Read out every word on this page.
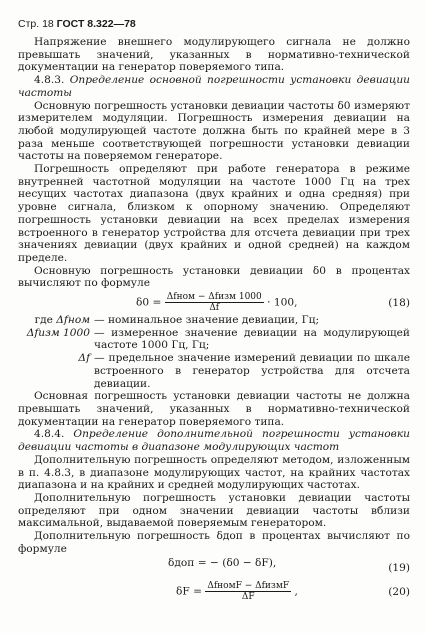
Стр. 18 ГОСТ 8.322—78
Напряжение внешнего модулирующего сигнала не должно превышать значений, указанных в нормативно-технической документации на генератор поверяемого типа.
4.8.3. Определение основной погрешности установки девиации частоты
Основную погрешность установки девиации частоты δ0 измеряют измерителем модуляции. Погрешность измерения девиации на любой модулирующей частоте должна быть по крайней мере в 3 раза меньше соответствующей погрешности установки девиации частоты на поверяемом генераторе.
Погрешность определяют при работе генератора в режиме внутренней частотной модуляции на частоте 1000 Гц на трех несущих частотах диапазона (двух крайних и одна средняя) при уровне сигнала, близком к опорному значению. Определяют погрешность установки девиации на всех пределах измерения встроенного в генератор устройства для отсчета девиации при трех значениях девиации (двух крайних и одной средней) на каждом пределе.
Основную погрешность установки девиации δ0 в процентах вычисляют по формуле
$\delta 0 = \frac{\text{Δfном − Δfизм 1000}}{\Delta f} \cdot 100$,	(18)
где Δfном — номинальное значение девиации, Гц;
Δfизм 1000 — измеренное значение девиации на модулирующей частоте 1000 Гц, Гц;
Δf — предельное значение измерений девиации по шкале встроенного в генератор устройства для отсчета девиации.
Основная погрешность установки девиации частоты не должна превышать значений, указанных в нормативно-технической документации на генератор поверяемого типа.
4.8.4. Определение дополнительной погрешности установки девиации частоты в диапазоне модулирующих частот
Дополнительную погрешность определяют методом, изложенным в п. 4.8.3, в диапазоне модулирующих частот, на крайних частотах диапазона и на крайних и средней модулирующих частотах.
Дополнительную погрешность установки девиации частоты определяют при одном значении девиации частоты вблизи максимальной, выдаваемой поверяемым генератором.
Дополнительную погрешность δдоп в процентах вычисляют по формуле
δдоп = − (δ0 − δF),	(19)
$\delta F = \frac{\text{ΔfномF − ΔfизмF}}{\Delta F}$ ,	(20)
